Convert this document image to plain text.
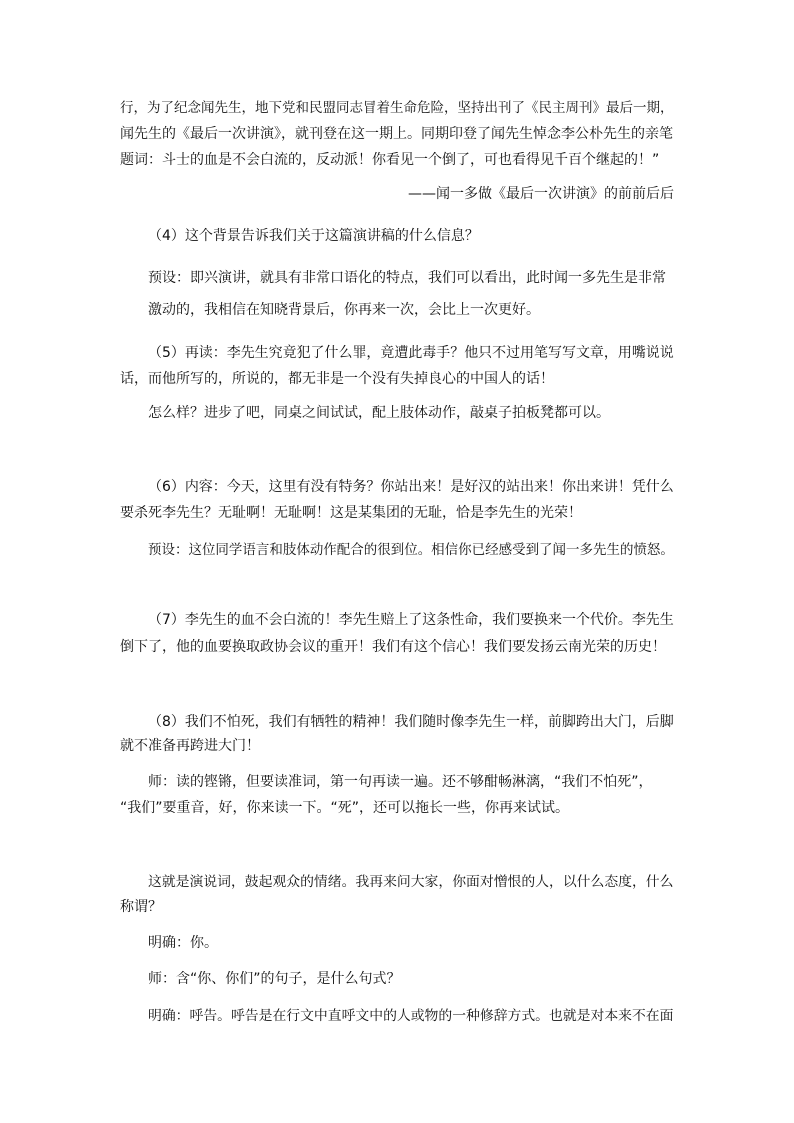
行，为了纪念闻先生，地下党和民盟同志冒着生命危险，坚持出刊了《民主周刊》最后一期，
闻先生的《最后一次讲演》，就刊登在这一期上。同期印登了闻先生悼念李公朴先生的亲笔
题词：斗士的血是不会白流的，反动派！你看见一个倒了，可也看得见千百个继起的！”
——闻一多做《最后一次讲演》的前前后后
（4）这个背景告诉我们关于这篇演讲稿的什么信息？
预设：即兴演讲，就具有非常口语化的特点，我们可以看出，此时闻一多先生是非常
激动的，我相信在知晓背景后，你再来一次，会比上一次更好。
（5）再读：李先生究竟犯了什么罪，竟遭此毒手？他只不过用笔写写文章，用嘴说说
话，而他所写的，所说的，都无非是一个没有失掉良心的中国人的话！
怎么样？进步了吧，同桌之间试试，配上肢体动作，敲桌子拍板凳都可以。
（6）内容：今天，这里有没有特务？你站出来！是好汉的站出来！你出来讲！凭什么
要杀死李先生？无耻啊！无耻啊！这是某集团的无耻，恰是李先生的光荣！
预设：这位同学语言和肢体动作配合的很到位。相信你已经感受到了闻一多先生的愤怒。
（7）李先生的血不会白流的！李先生赔上了这条性命，我们要换来一个代价。李先生
倒下了，他的血要换取政协会议的重开！我们有这个信心！我们要发扬云南光荣的历史！
（8）我们不怕死，我们有牺牲的精神！我们随时像李先生一样，前脚跨出大门，后脚
就不准备再跨进大门！
师：读的铿锵，但要读准词，第一句再读一遍。还不够酣畅淋漓，“我们不怕死”，
“我们”要重音，好，你来读一下。“死”，还可以拖长一些，你再来试试。
这就是演说词，鼓起观众的情绪。我再来问大家，你面对憎恨的人，以什么态度，什么
称谓？
明确：你。
师：含“你、你们”的句子，是什么句式？
明确：呼告。呼告是在行文中直呼文中的人或物的一种修辞方式。也就是对本来不在面
